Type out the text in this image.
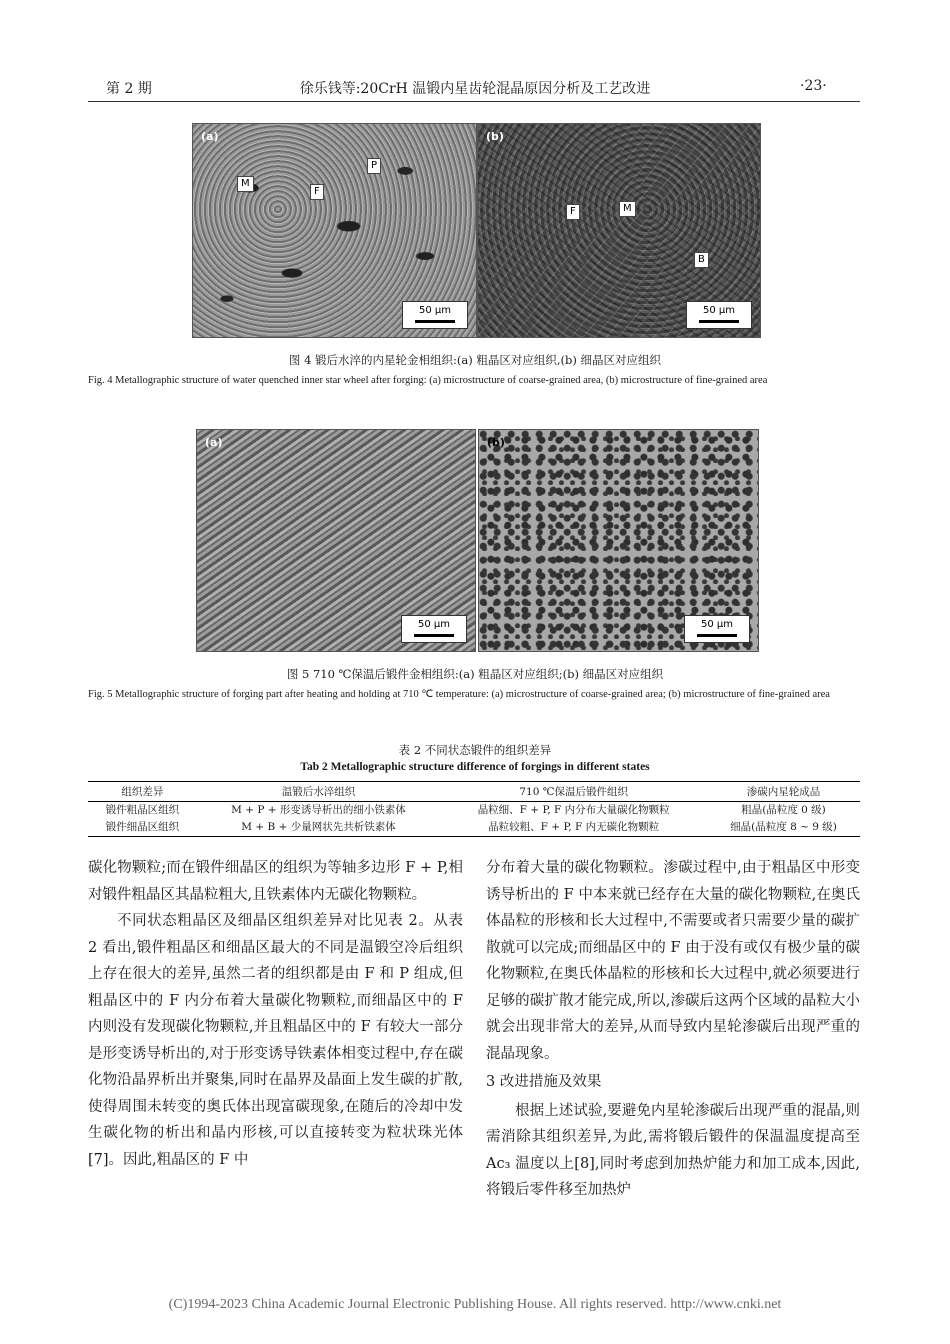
第 2 期	徐乐钱等:20CrH 温锻内星齿轮混晶原因分析及工艺改进	·23·
(a)
M
F
P
50 μm
(b)
F	M
B
50 μm
图 4 锻后水淬的内星轮金相组织:(a) 粗晶区对应组织,(b) 细晶区对应组织
Fig. 4 Metallographic structure of water quenched inner star wheel after forging: (a) microstructure of coarse-grained area, (b) microstructure of fine-grained area
(a)
50 μm
(b)
50 μm
图 5 710 ℃保温后锻件金相组织:(a) 粗晶区对应组织;(b) 细晶区对应组织
Fig. 5 Metallographic structure of forging part after heating and holding at 710 ℃ temperature: (a) microstructure of coarse-grained area; (b) microstructure of fine-grained area
表 2 不同状态锻件的组织差异
Tab 2 Metallographic structure difference of forgings in different states
组织差异	温锻后水淬组织	710 ℃保温后锻件组织	渗碳内星轮成品
锻件粗晶区组织	M + P + 形变诱导析出的细小铁素体	晶粒细、F + P, F 内分布大量碳化物颗粒	粗晶(晶粒度 0 级)
锻件细晶区组织	M + B + 少量网状先共析铁素体	晶粒较粗、F + P, F 内无碳化物颗粒	细晶(晶粒度 8 ~ 9 级)

碳化物颗粒;而在锻件细晶区的组织为等轴多边形 F + P,相对锻件粗晶区其晶粒粗大,且铁素体内无碳化物颗粒。

不同状态粗晶区及细晶区组织差异对比见表 2。从表 2 看出,锻件粗晶区和细晶区最大的不同是温锻空冷后组织上存在很大的差异,虽然二者的组织都是由 F 和 P 组成,但粗晶区中的 F 内分布着大量碳化物颗粒,而细晶区中的 F 内则没有发现碳化物颗粒,并且粗晶区中的 F 有较大一部分是形变诱导析出的,对于形变诱导铁素体相变过程中,存在碳化物沿晶界析出并聚集,同时在晶界及晶面上发生碳的扩散,使得周围未转变的奥氏体出现富碳现象,在随后的冷却中发生碳化物的析出和晶内形核,可以直接转变为粒状珠光体[7]。因此,粗晶区的 F 中

分布着大量的碳化物颗粒。渗碳过程中,由于粗晶区中形变诱导析出的 F 中本来就已经存在大量的碳化物颗粒,在奥氏体晶粒的形核和长大过程中,不需要或者只需要少量的碳扩散就可以完成;而细晶区中的 F 由于没有或仅有极少量的碳化物颗粒,在奥氏体晶粒的形核和长大过程中,就必须要进行足够的碳扩散才能完成,所以,渗碳后这两个区域的晶粒大小就会出现非常大的差异,从而导致内星轮渗碳后出现严重的混晶现象。

3 改进措施及效果

根据上述试验,要避免内星轮渗碳后出现严重的混晶,则需消除其组织差异,为此,需将锻后锻件的保温温度提高至 Ac₃ 温度以上[8],同时考虑到加热炉能力和加工成本,因此,将锻后零件移至加热炉

(C)1994-2023 China Academic Journal Electronic Publishing House. All rights reserved. http://www.cnki.net
